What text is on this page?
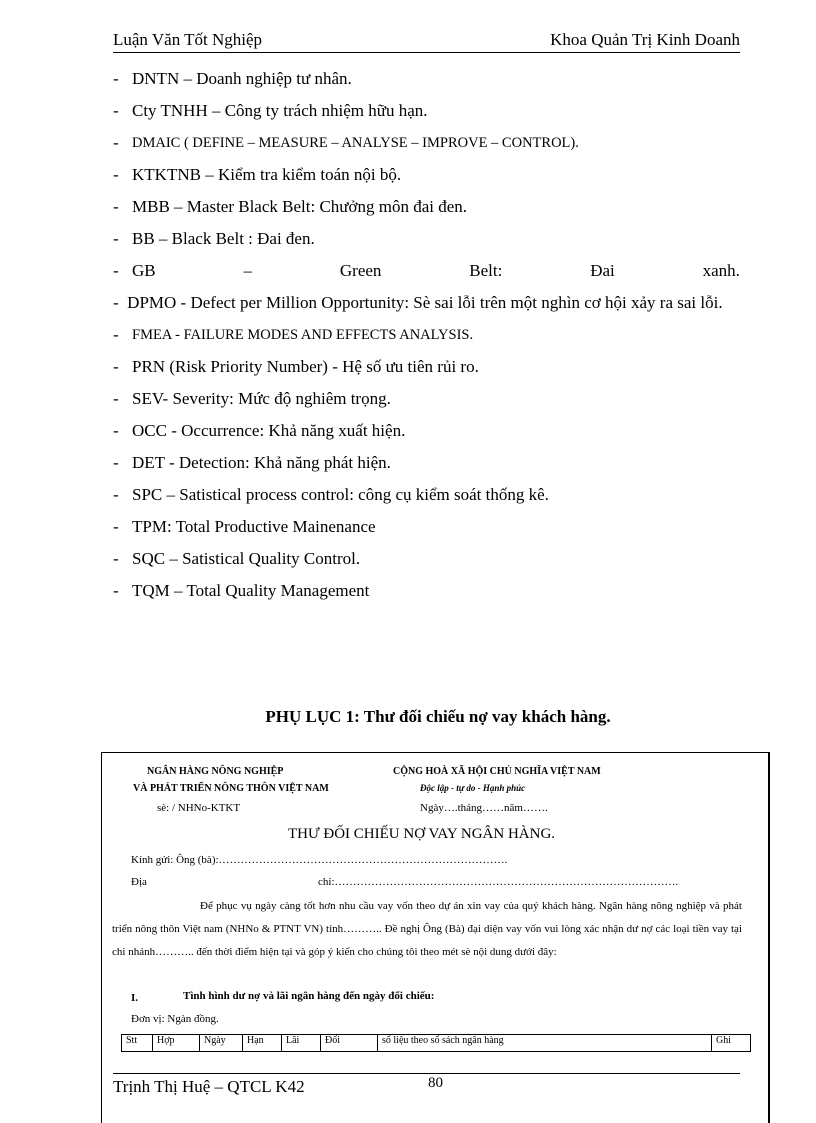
Luận Văn Tốt Nghiệp	Khoa Quản Trị Kinh Doanh
- DNTN – Doanh nghiệp tư nhân.
- Cty TNHH – Công ty trách nhiệm hữu hạn.
- DMAIC ( DEFINE – MEASURE – ANALYSE – IMPROVE – CONTROL).
- KTKTNB – Kiểm tra kiểm toán nội bộ.
- MBB – Master Black Belt: Chưởng môn đai đen.
- BB – Black Belt : Đai đen.
- GB	–	Green	Belt:	Đai	xanh.
-  DPMO - Defect per Million Opportunity: Sè sai lỗi trên một nghìn cơ hội xảy ra sai lỗi.
- FMEA - FAILURE MODES AND EFFECTS ANALYSIS.
- PRN (Risk Priority Number) - Hệ số ưu tiên rủi ro.
- SEV- Severity: Mức độ nghiêm trọng.
- OCC - Occurrence: Khả năng xuất hiện.
- DET - Detection: Khả năng phát hiện.
- SPC – Satistical process control: công cụ kiểm soát thống kê.
- TPM: Total Productive Mainenance
- SQC – Satistical Quality Control.
- TQM – Total Quality Management
PHỤ LỤC 1: Thư đối chiếu nợ vay khách hàng.
NGÂN HÀNG NÔNG NGHIỆP
VÀ PHÁT TRIỂN NÔNG THÔN VIỆT NAM
sè: / NHNo-KTKT
CỘNG HOÀ XÃ HỘI CHỦ NGHĨA VIỆT NAM
Độc lập - tự do - Hạnh phúc
Ngày….tháng……năm…….
THƯ ĐỐI CHIẾU NỢ VAY NGÂN HÀNG.
Kính gửi: Ông (bà):…………………………………………………………………….
Địa	chỉ:………………………………………………………………………………….
Để phục vụ ngày càng tốt hơn nhu cầu vay vốn theo dự án xin vay của quý khách hàng. Ngân hàng nông nghiệp và phát triển nông thôn Việt nam (NHNo & PTNT VN) tỉnh……….. Đề nghị Ông (Bà) đại diện vay vốn vui lòng xác nhận dư nợ các loại tiền vay tại chi nhánh……….. đến thời điểm hiện tại và góp ý kiến cho chúng tôi theo mét sè nội dung dưới đây:
I.	Tình hình dư nợ và lãi ngân hàng đến ngày đối chiếu:
Đơn vị: Ngàn đồng.
Stt	Hợp	Ngày	Hạn	Lãi	Đối	số liệu theo sổ sách ngân hàng	Ghi
Trịnh Thị Huệ – QTCL K42	80
